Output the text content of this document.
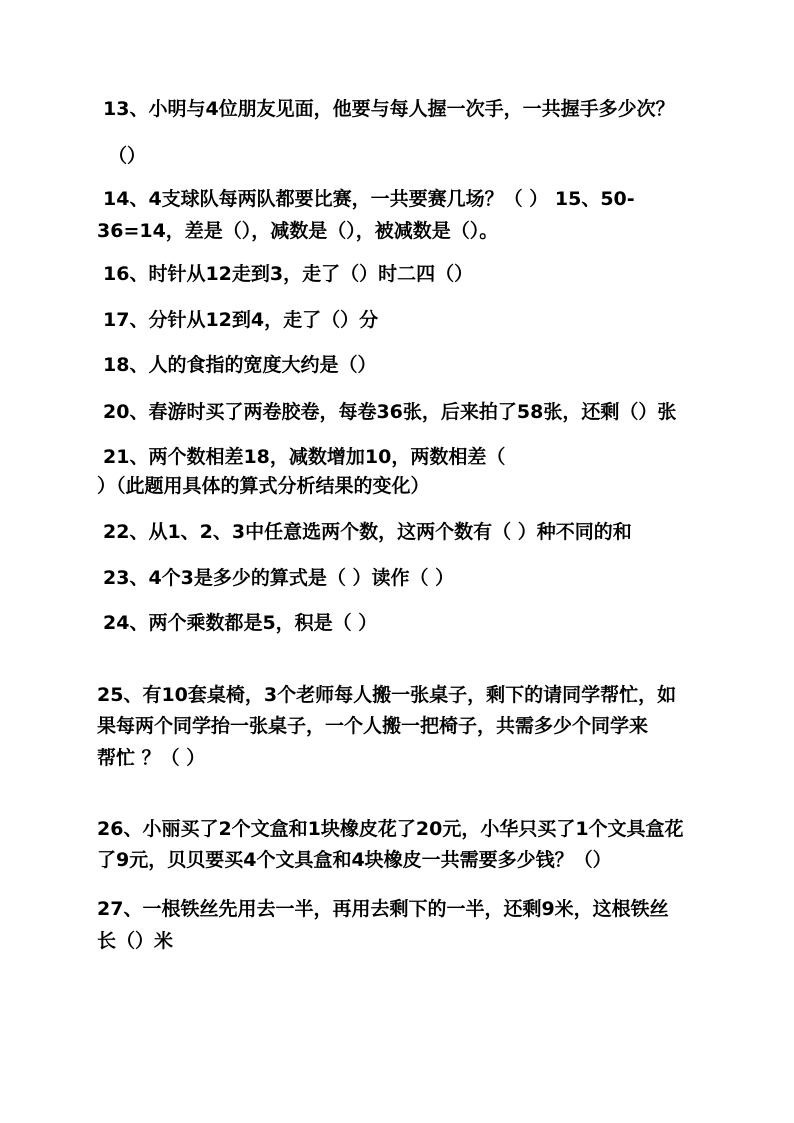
13、小明与4位朋友见面，他要与每人握一次手，一共握手多少次？
（）
14、4支球队每两队都要比赛，一共要赛几场？（ ） 15、50-
36=14，差是（），减数是（），被减数是（）。
16、时针从12走到3，走了（）时二四（）
17、分针从12到4，走了（）分
18、人的食指的宽度大约是（）
20、春游时买了两卷胶卷，每卷36张，后来拍了58张，还剩（）张
21、两个数相差18，减数增加10，两数相差（
）（此题用具体的算式分析结果的变化）
22、从1、2、3中任意选两个数，这两个数有（ ）种不同的和
23、4个3是多少的算式是（ ）读作（ ）
24、两个乘数都是5，积是（ ）
25、有10套桌椅，3个老师每人搬一张桌子，剩下的请同学帮忙，如
果每两个同学抬一张桌子，一个人搬一把椅子，共需多少个同学来
帮忙 ？（ ）
26、小丽买了2个文盒和1块橡皮花了20元，小华只买了1个文具盒花
了9元，贝贝要买4个文具盒和4块橡皮一共需要多少钱？（）
27、一根铁丝先用去一半，再用去剩下的一半，还剩9米，这根铁丝
长（）米
